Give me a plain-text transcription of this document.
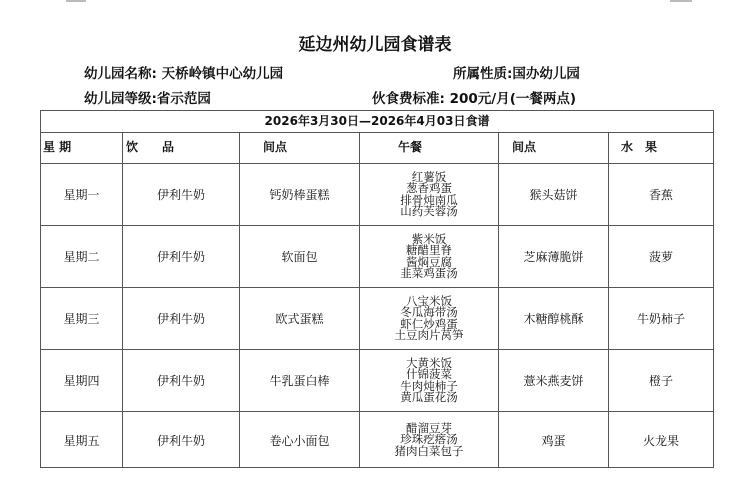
延边州幼儿园食谱表
幼儿园名称: 天桥岭镇中心幼儿园	所属性质:国办幼儿园
幼儿园等级:省示范园	伙食费标准: 200元/月(一餐两点)
2026年3月30日—2026年4月03日食谱
星 期	饮　　品	间点	午餐	间点	水　果
星期一	伊利牛奶	钙奶棒蛋糕
红薯饭
葱香鸡蛋
排骨炖南瓜
山药芙蓉汤
猴头菇饼	香蕉
星期二	伊利牛奶	软面包
紫米饭
糖醋里脊
酱焖豆腐
韭菜鸡蛋汤
芝麻薄脆饼	菠萝
星期三	伊利牛奶	欧式蛋糕
八宝米饭
冬瓜海带汤
虾仁炒鸡蛋
土豆肉片莴笋
木糖醇桃酥	牛奶柿子
星期四	伊利牛奶	牛乳蛋白棒
大黄米饭
什锦菠菜
牛肉炖柿子
黄瓜蛋花汤
薏米燕麦饼	橙子
星期五	伊利牛奶	卷心小面包
醋溜豆芽
珍珠疙瘩汤
猪肉白菜包子
鸡蛋	火龙果
